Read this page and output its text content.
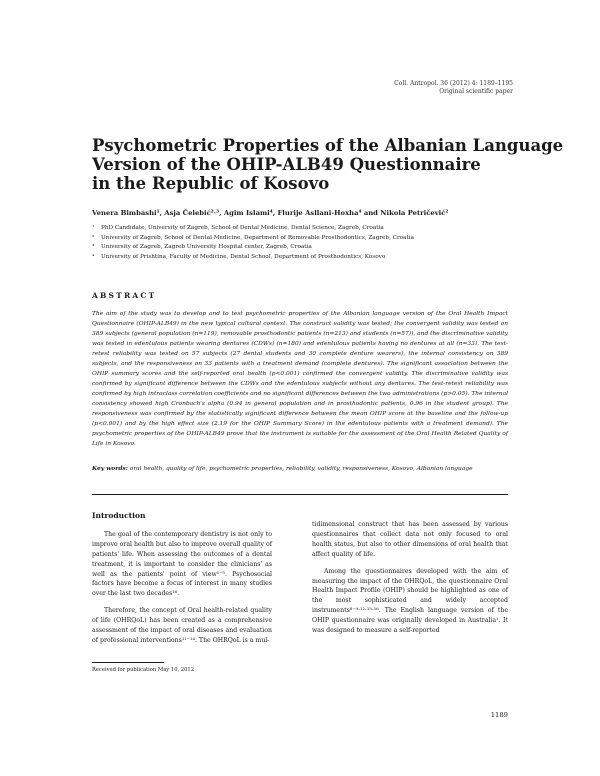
Coll. Antropol. 36 (2012) 4: 1189–1195
Original scientific paper
Psychometric Properties of the Albanian Language
Version of the OHIP-ALB49 Questionnaire
in the Republic of Kosovo
Venera Bimbashi¹, Asja Čelebić²·³, Agim Islami⁴, Flurije Asllani-Hoxha⁴ and Nikola Petričević²
¹ PhD Candidate, University of Zagreb, School of Dental Medicine, Dental Science, Zagreb, Croatia
² University of Zagreb, School of Dental Medicine, Department of Removable Prosthodontics, Zagreb, Croatia
³ University of Zagreb, Zagreb University Hospital center, Zagreb, Croatia
⁴ University of Prishtina, Faculty of Medicine, Dental School, Department of Prosthodontics, Kosovo
ABSTRACT

The aim of the study was to develop and to test psychometric properties of the Albanian language version of the Oral Health Impact Questionnaire (OHIP-ALB49) in the new typical cultural context. The construct validity was tested; the convergent validity was tested on 389 subjects (general population (n=119), removable prosthodontic patients (n=213) and students (n=57)), and the discriminative validity was tested in edentulous patients wearing dentures (CDWs) (n=180) and edentulous patients having no dentures at all (n=33). The test-retest reliability was tested on 57 subjects (27 dental students and 30 complete denture wearers), the internal consistency on 389 subjects, and the responsiveness on 33 patients with a treatment demand (complete dentures). The significant association between the OHIP summary scores and the self-reported oral health (p<0.001) confirmed the convergent validity. The discriminative validity was confirmed by significant difference between the CDWs and the edentulous subjects without any dentures. The test-retest reliability was confirmed by high intraclass correlation coefficients and no significant differences between the two administrations (p>0.05). The internal consistency showed high Cronbach's alpha (0.94 in general population and in prosthodontic patients, 0.96 in the student group). The responsiveness was confirmed by the statistically significant difference between the mean OHIP score at the baseline and the follow-up (p<0.001) and by the high effect size (2.19 for the OHIP Summary Score) in the edentulous patients with a treatment demand). The psychometric properties of the OHIP-ALB49 prove that the instrument is suitable for the assessment of the Oral Health Related Quality of Life in Kosovo.

Key words: oral health, quality of life, psychometric properties, reliability, validity, responsiveness, Kosovo, Albanian language

Introduction

The goal of the contemporary dentistry is not only to improve oral health but also to improve overall quality of patients' life. When assessing the outcomes of a dental treatment, it is important to consider the clinicians' as well as the patients' point of view¹⁻⁵. Psychosocial factors have become a focus of interest in many studies over the last two decades¹⁶.

Therefore, the concept of Oral health-related quality of life (OHRQoL) has been created as a comprehensive assessment of the impact of oral diseases and evaluation of professional interventions¹¹⁻¹⁴. The OHRQoL is a mul-

tidimensional construct that has been assessed by various questionnaires that collect data not only focused to oral health status, but also to other dimensions of oral health that affect quality of life.

Among the questionnaires developed with the aim of measuring the impact of the OHRQoL, the questionnaire Oral Health Impact Profile (OHIP) should be highlighted as one of the most sophisticated and widely accepted instruments⁸⁻⁹·¹²·¹⁵·¹⁶. The English language version of the OHIP questionnaire was originally developed in Australia¹. It was designed to measure a self-reported

Received for publication May 10, 2012
1189
